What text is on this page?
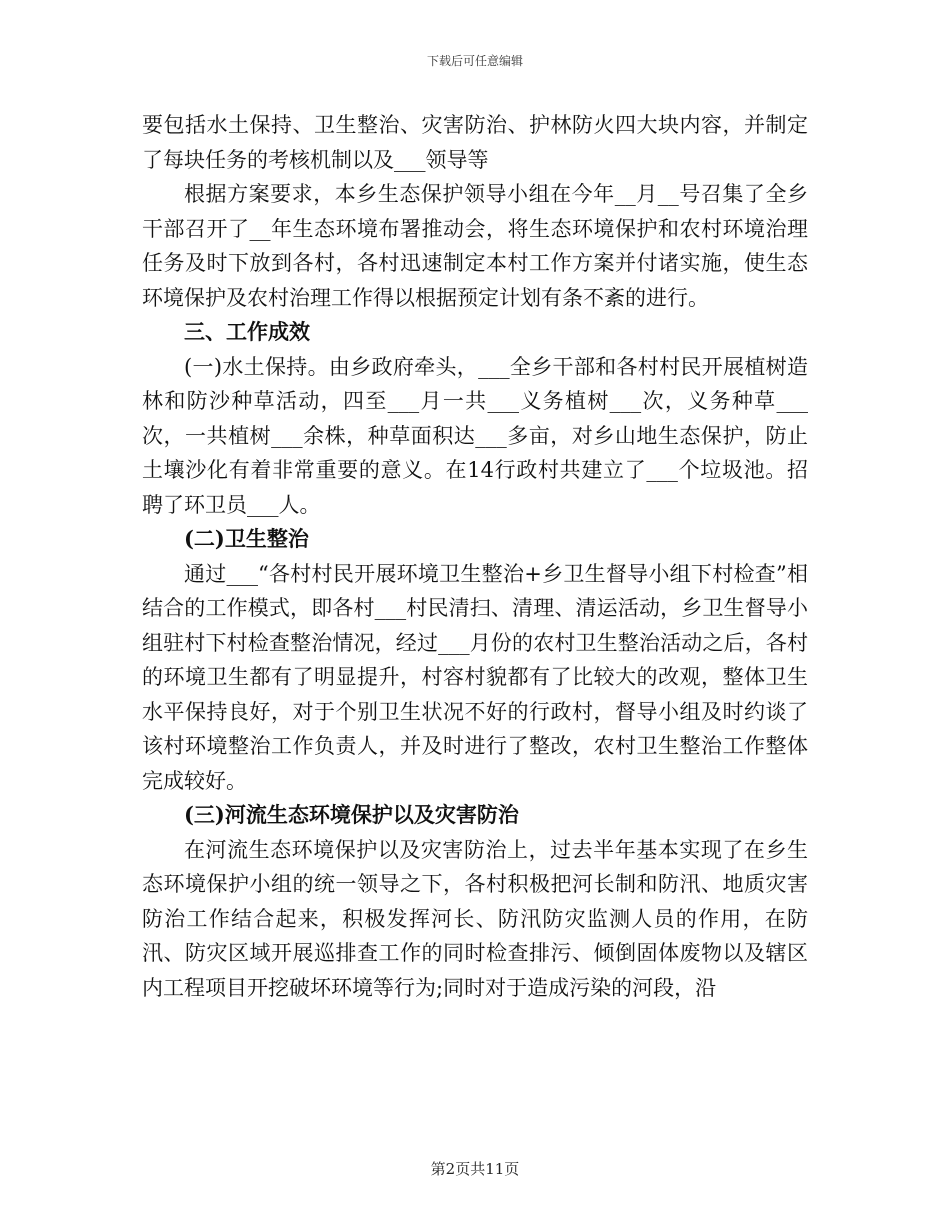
下载后可任意编辑

要包括水土保持、卫生整治、灾害防治、护林防火四大块内容，并制定了每块任务的考核机制以及___领导等

根据方案要求，本乡生态保护领导小组在今年__月__号召集了全乡干部召开了__年生态环境布署推动会，将生态环境保护和农村环境治理任务及时下放到各村，各村迅速制定本村工作方案并付诸实施，使生态环境保护及农村治理工作得以根据预定计划有条不紊的进行。

三、工作成效

(一)水土保持。由乡政府牵头，___全乡干部和各村村民开展植树造林和防沙种草活动，四至___月一共___义务植树___次，义务种草___次，一共植树___余株，种草面积达___多亩，对乡山地生态保护，防止土壤沙化有着非常重要的意义。在14行政村共建立了___个垃圾池。招聘了环卫员___人。

(二)卫生整治

通过___“各村村民开展环境卫生整治+乡卫生督导小组下村检查”相结合的工作模式，即各村___村民清扫、清理、清运活动，乡卫生督导小组驻村下村检查整治情况，经过___月份的农村卫生整治活动之后，各村的环境卫生都有了明显提升，村容村貌都有了比较大的改观，整体卫生水平保持良好，对于个别卫生状况不好的行政村，督导小组及时约谈了该村环境整治工作负责人，并及时进行了整改，农村卫生整治工作整体完成较好。

(三)河流生态环境保护以及灾害防治

在河流生态环境保护以及灾害防治上，过去半年基本实现了在乡生态环境保护小组的统一领导之下，各村积极把河长制和防汛、地质灾害防治工作结合起来，积极发挥河长、防汛防灾监测人员的作用，在防汛、防灾区域开展巡排查工作的同时检查排污、倾倒固体废物以及辖区内工程项目开挖破坏环境等行为;同时对于造成污染的河段，沿

第2页共11页
